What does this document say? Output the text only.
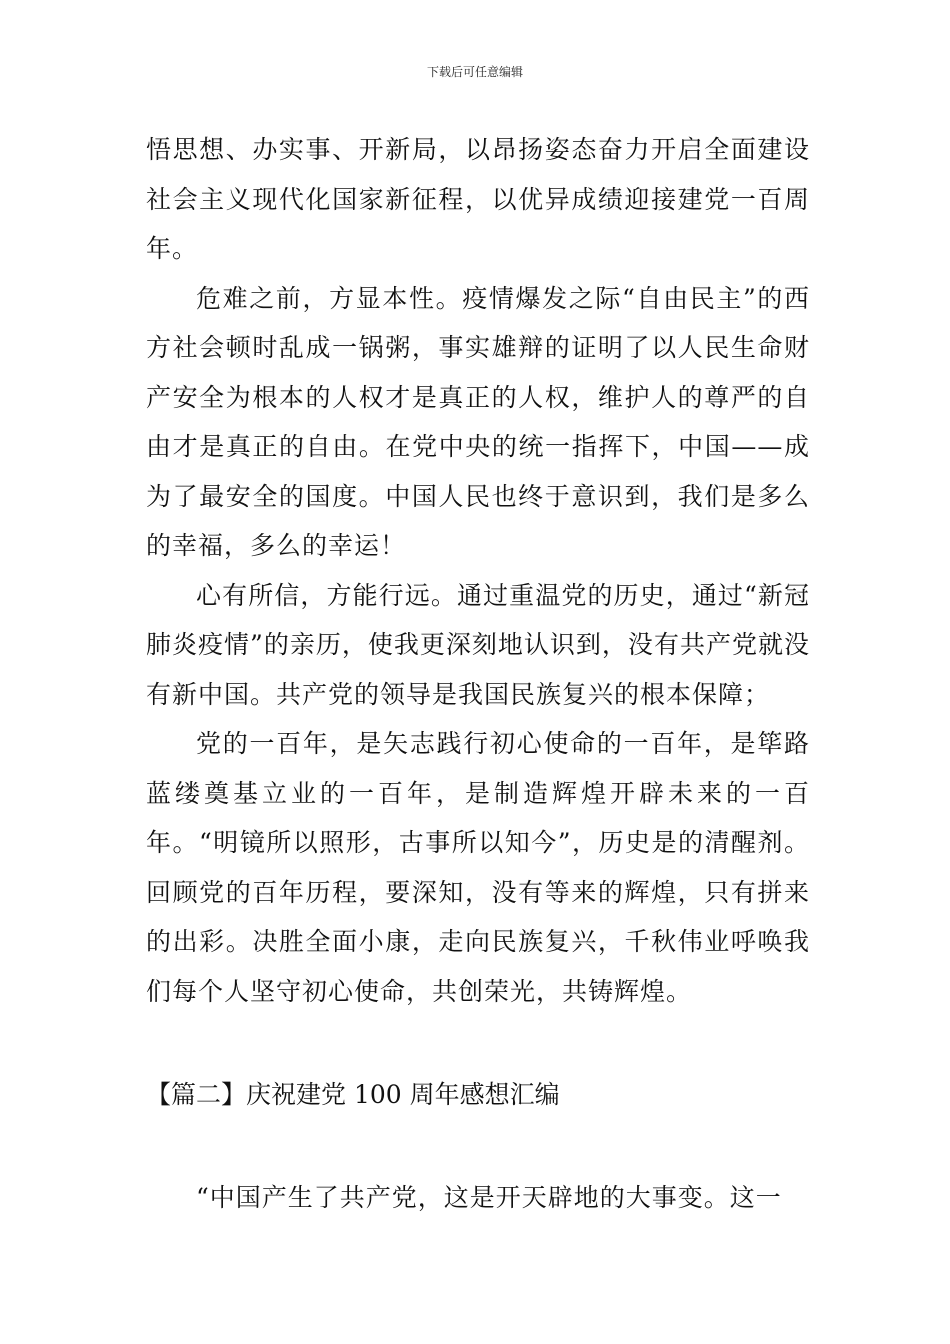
下载后可任意编辑

悟思想、办实事、开新局，以昂扬姿态奋力开启全面建设社会主义现代化国家新征程，以优异成绩迎接建党一百周年。

危难之前，方显本性。疫情爆发之际“自由民主”的西方社会顿时乱成一锅粥，事实雄辩的证明了以人民生命财产安全为根本的人权才是真正的人权，维护人的尊严的自由才是真正的自由。在党中央的统一指挥下，中国——成为了最安全的国度。中国人民也终于意识到，我们是多么的幸福，多么的幸运！

心有所信，方能行远。通过重温党的历史，通过“新冠肺炎疫情”的亲历，使我更深刻地认识到，没有共产党就没有新中国。共产党的领导是我国民族复兴的根本保障；

党的一百年，是矢志践行初心使命的一百年，是筚路蓝缕奠基立业的一百年，是制造辉煌开辟未来的一百年。“明镜所以照形，古事所以知今”，历史是的清醒剂。回顾党的百年历程，要深知，没有等来的辉煌，只有拼来的出彩。决胜全面小康，走向民族复兴，千秋伟业呼唤我们每个人坚守初心使命，共创荣光，共铸辉煌。

【篇二】庆祝建党 100 周年感想汇编

“中国产生了共产党，这是开天辟地的大事变。这一
